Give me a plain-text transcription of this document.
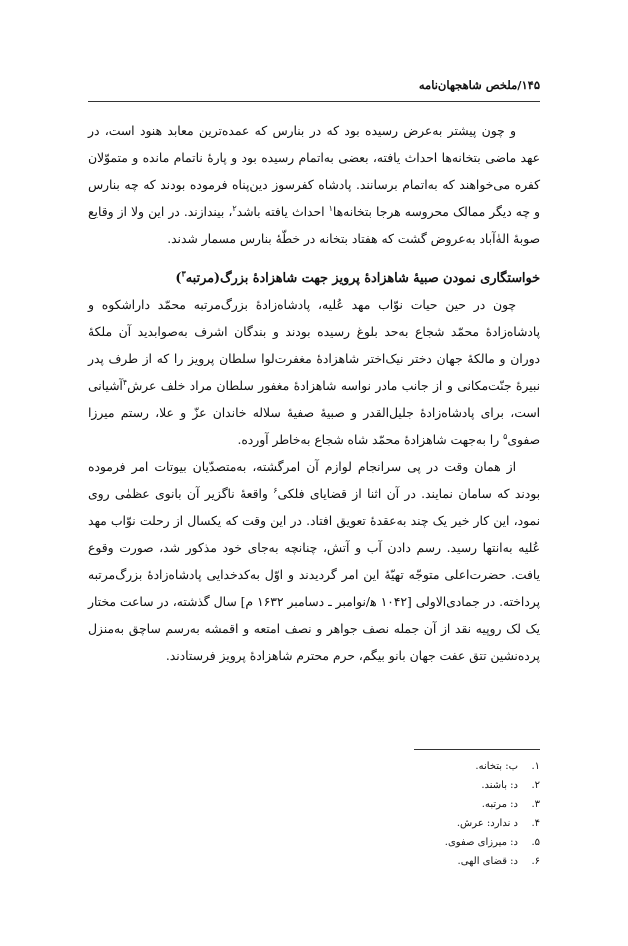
۱۴۵/ملخص شاهجهان‌نامه

و چون پیشتر به‌عرض رسیده بود که در بنارس که عمده‌ترین معابد هنود است، در عهد ماضی بتخانه‌ها احداث یافته، بعضی به‌اتمام رسیده بود و پارهٔ ناتمام مانده و متموّلان کفره می‌خواهند که به‌اتمام برسانند. پادشاه کفرسوز دین‌پناه فرموده بودند که چه بنارس و چه دیگر ممالک محروسه هرجا بتخانه‌ها$^۱$ احداث یافته باشد$^۲$، بیندازند. در این ولا از وقایع صوبهٔ الهٰ‌آباد به‌عروض گشت که هفتاد بتخانه در خطّهٔ بنارس مسمار شدند.

خواستگاری نمودن صبیهٔ شاهزادهٔ پرویز جهت شاهزادهٔ بزرگ(مرتبه$^۳$)

چون در حین حیات نوّاب مهد عُلیه، پادشاه‌زادهٔ بزرگ‌مرتبه محمّد داراشکوه و پادشاه‌زادهٔ محمّد شجاع به‌حد بلوغ رسیده بودند و بندگان اشرف به‌صوابدید آن ملکهٔ دوران و مالکهٔ جهان دختر نیک‌اختر شاهزادهٔ مغفرت‌لوا سلطان پرویز را که از طرف پدر نبیرهٔ جنّت‌مکانی و از جانب مادر نواسه شاهزادهٔ مغفور سلطان مراد خلف عرش$^۴$آشیانی است، برای پادشاه‌زادهٔ جلیل‌القدر و صبیهٔ صفیهٔ سلاله خاندان عزّ و علا، رستم میرزا صفوی$^۵$ را به‌جهت شاهزادهٔ محمّد شاه شجاع به‌خاطر آورده.

از همان وقت در پی سرانجام لوازم آن امرگشته، به‌متصدّیان بیوتات امر فرموده بودند که سامان نمایند. در آن اثنا از قضایای فلکی$^۶$ واقعهٔ ناگزیر آن بانوی عظمٰی روی نمود، این کار خیر یک چند به‌عقدهٔ تعویق افتاد. در این وقت که یکسال از رحلت نوّاب مهد عُلیه به‌انتها رسید. رسم دادن آب و آتش، چنانچه به‌جای خود مذکور شد، صورت وقوع یافت. حضرت‌اعلی متوجّه تهیّهٔ این امر گردیدند و اوّل به‌کدخدایی پادشاه‌زادهٔ بزرگ‌مرتبه پرداخته. در جمادی‌الاولی [۱۰۴۲ ﻫ/نوامبر ـ دسامبر ۱۶۳۲ م] سال گذشته، در ساعت مختار یک لک روپیه نقد از آن جمله نصف جواهر و نصف امتعه و اقمشه به‌رسم ساچق به‌منزل پرده‌نشین تتق عفت جهان بانو بیگم، حرم محترم شاهزادهٔ پرویز فرستادند.

۱.
ب: بتخانه.
۲.
د: باشند.
۳.
د: مرتبه.
۴.
د ندارد: عرش.
۵.
د: میرزای صفوی.
۶.
د: قضای الهی.
